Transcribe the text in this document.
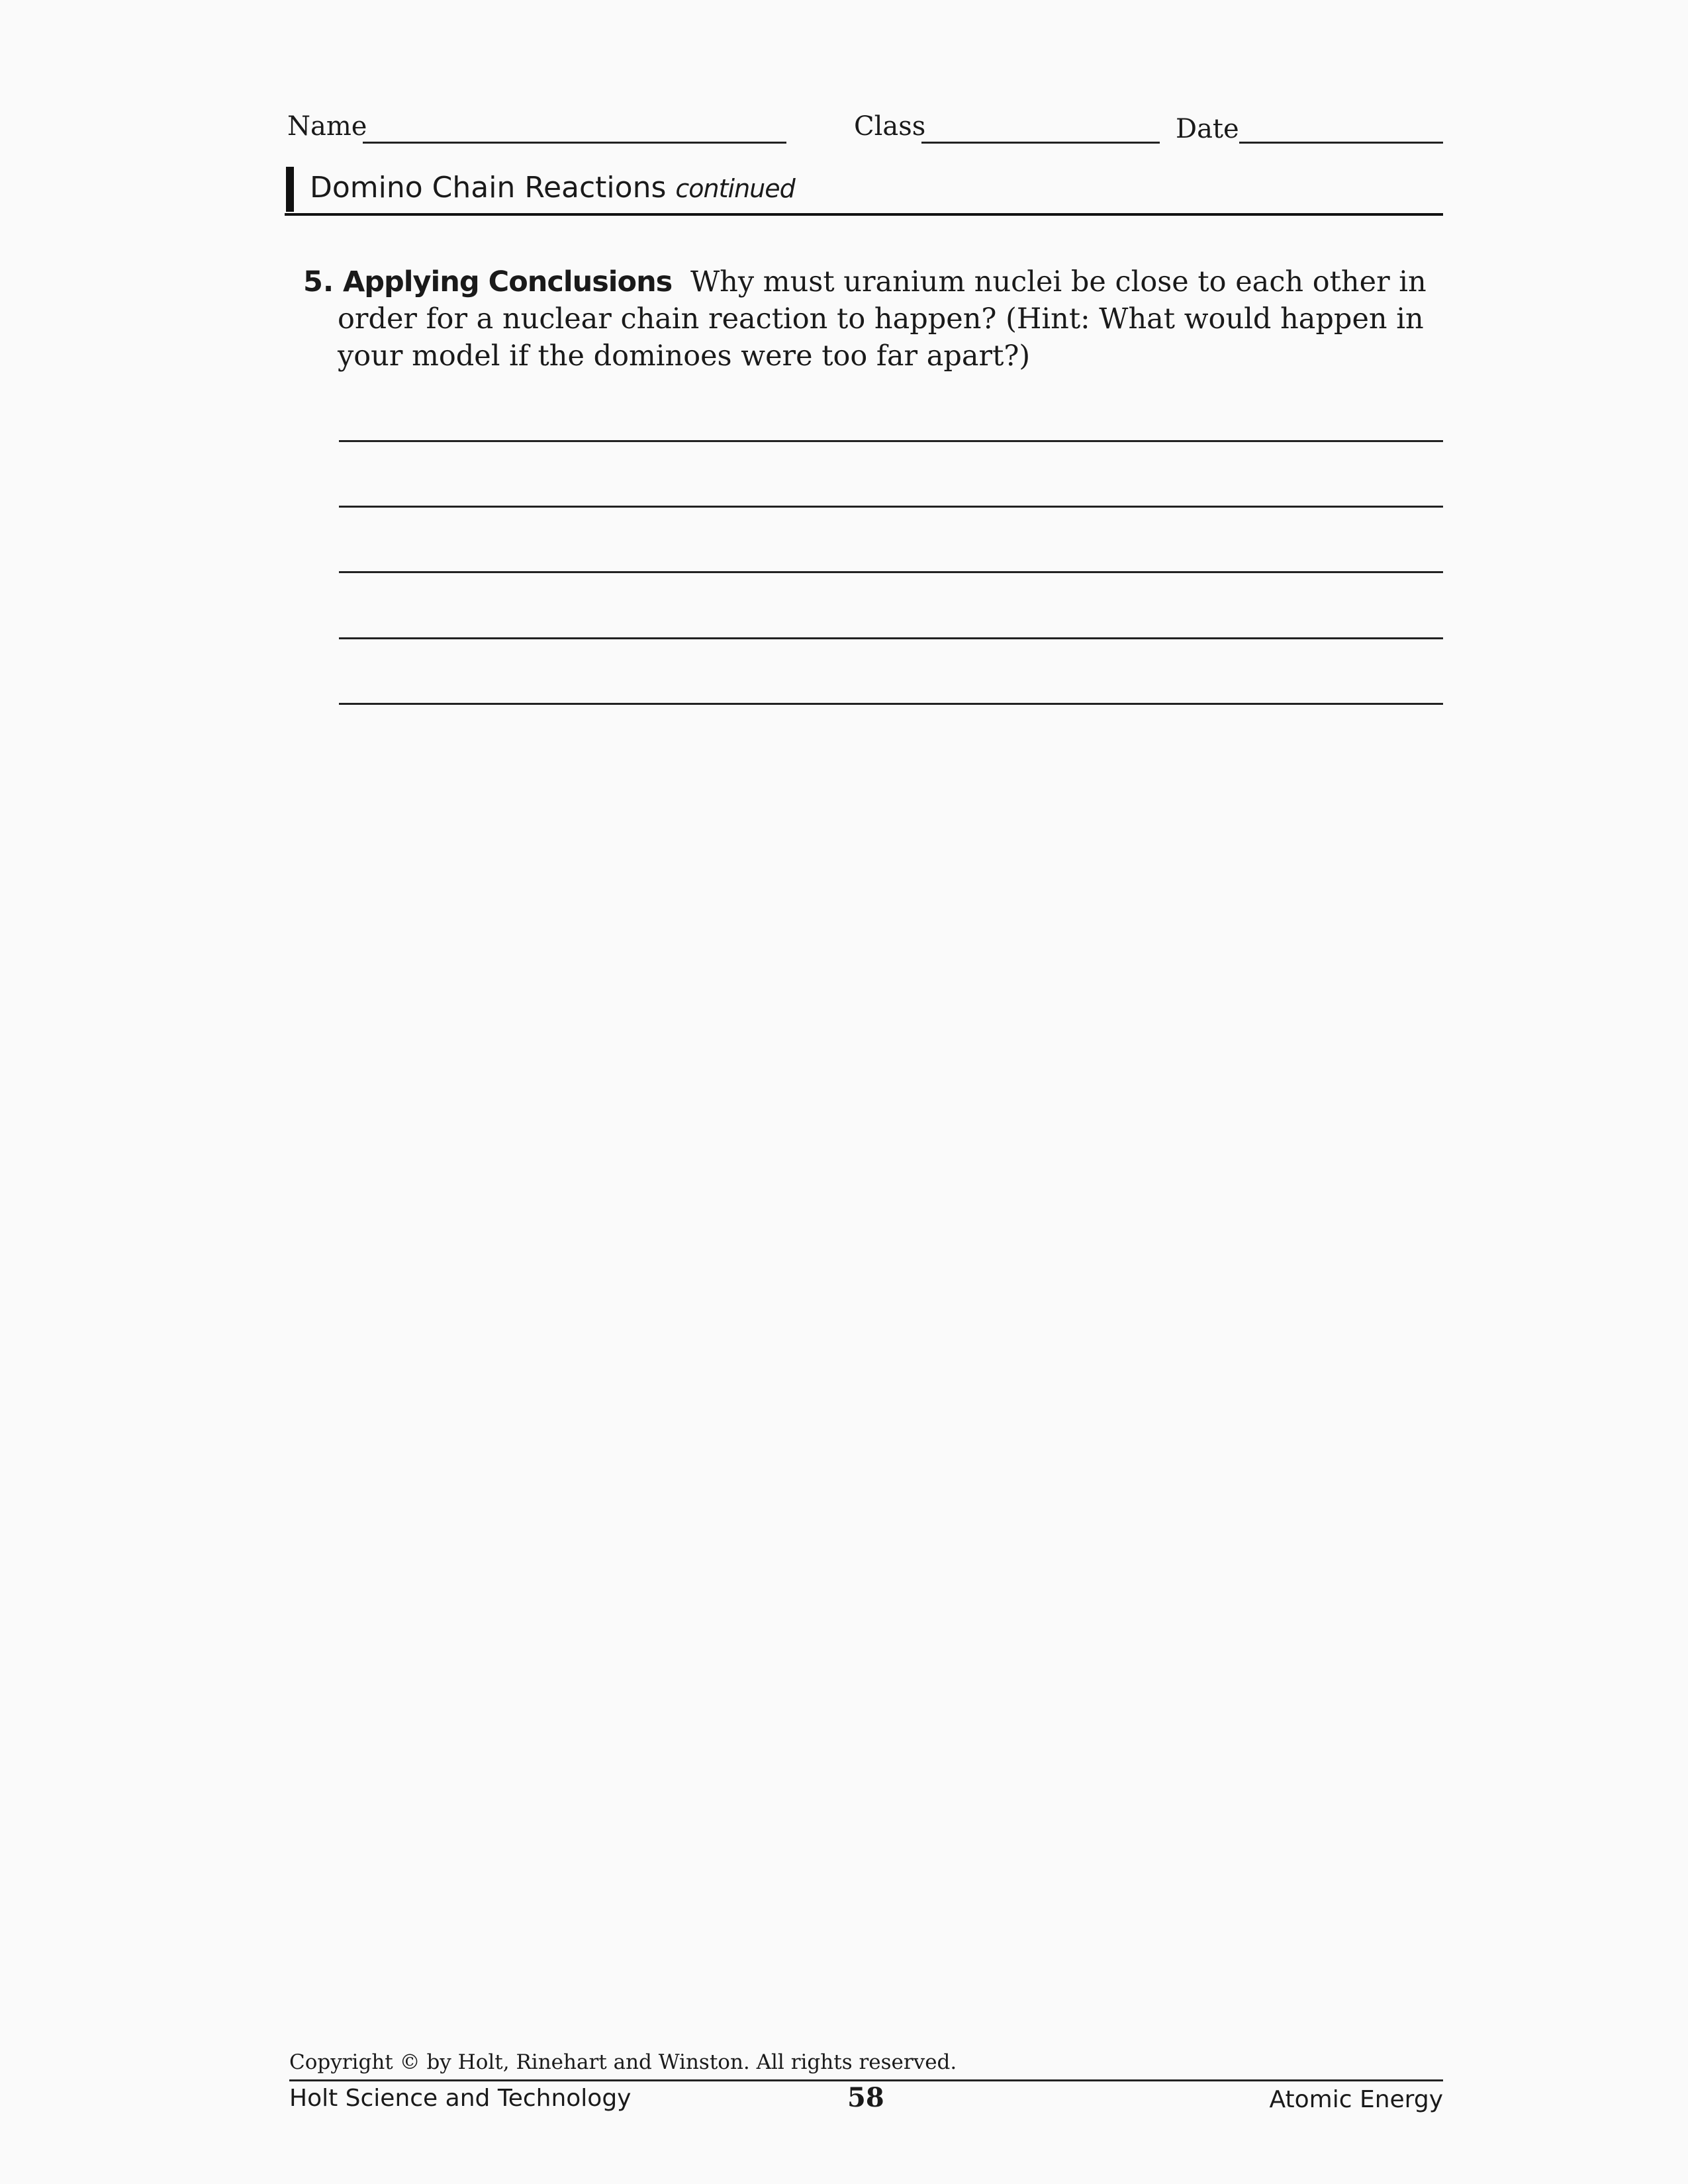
Name	Class	Date
Domino Chain Reactions continued
5. Applying Conclusions Why must uranium nuclei be close to each other in
order for a nuclear chain reaction to happen? (Hint: What would happen in
your model if the dominoes were too far apart?)
Copyright © by Holt, Rinehart and Winston. All rights reserved.
Holt Science and Technology	58	Atomic Energy
